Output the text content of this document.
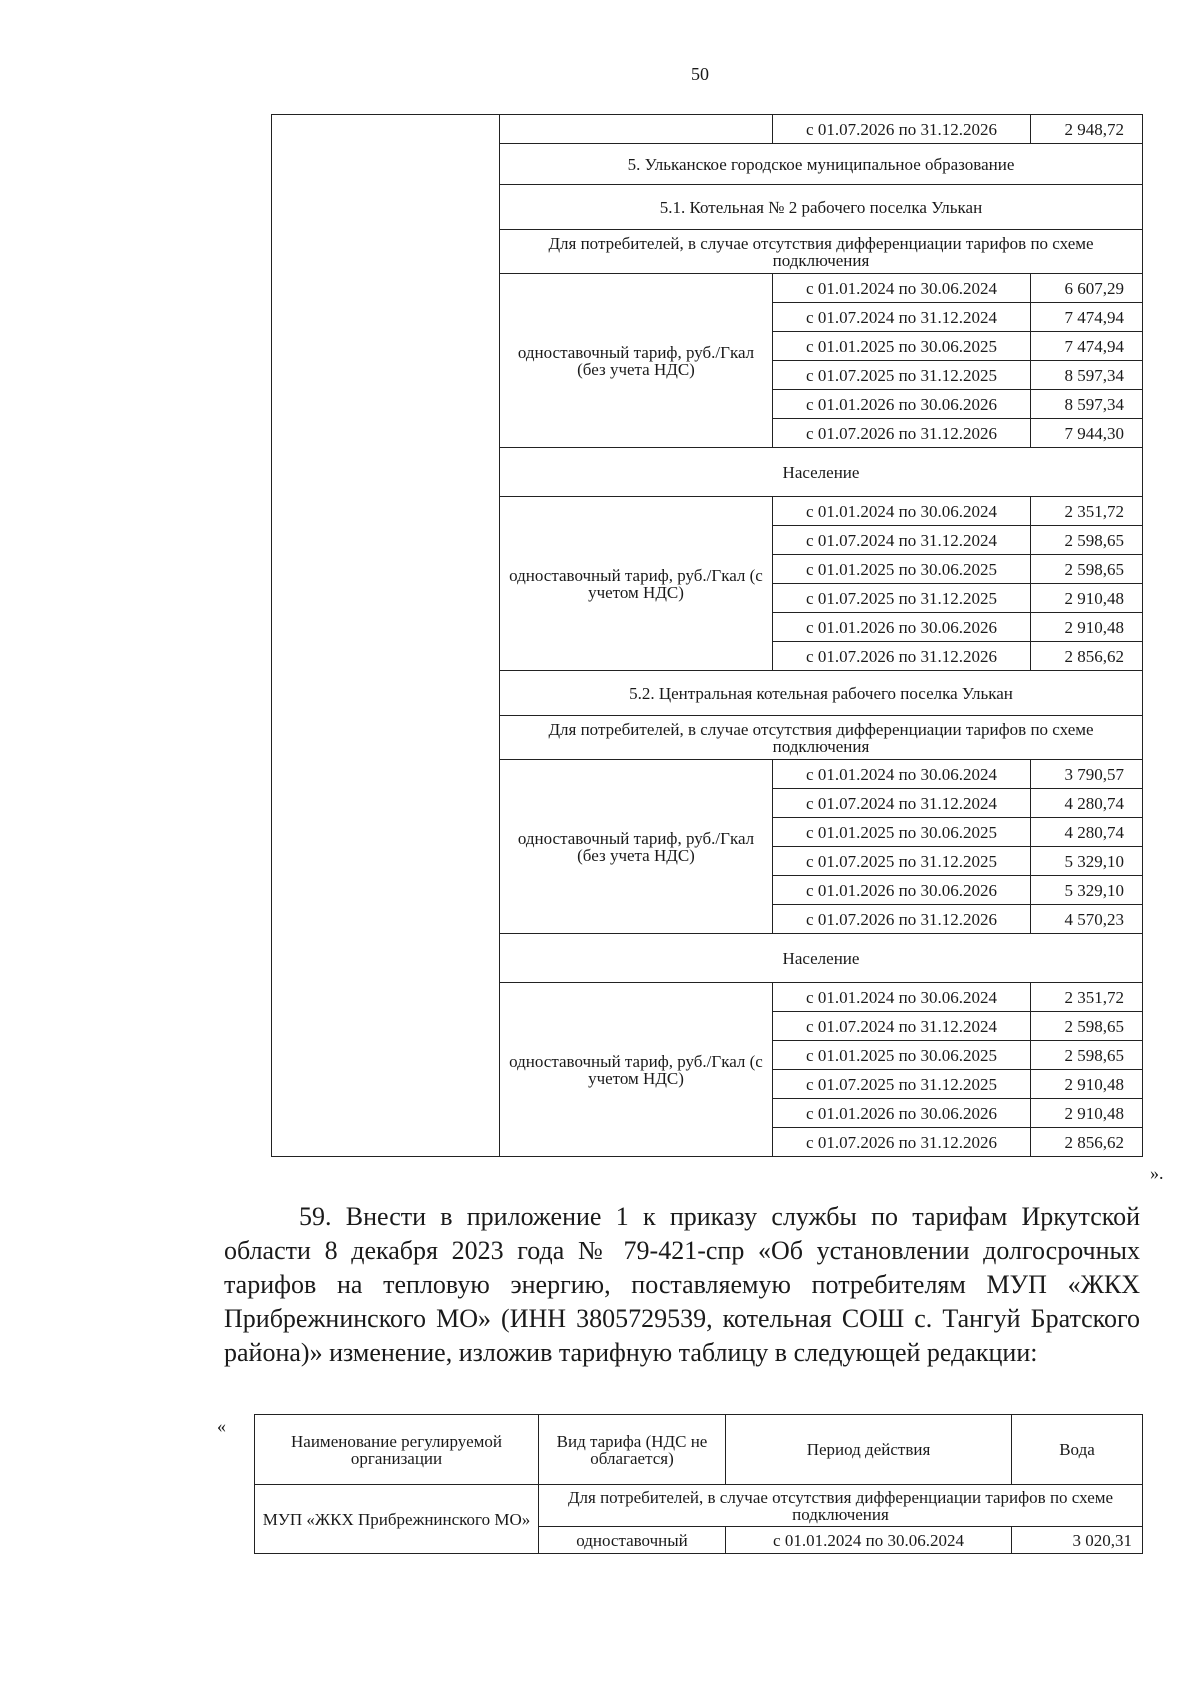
50
		с 01.07.2026 по 31.12.2026	2 948,72
	5. Ульканское городское муниципальное образование		
	5.1. Котельная № 2 рабочего поселка Улькан		
	Для потребителей, в случае отсутствия дифференциации тарифов по схеме подключения		
	одноставочный тариф, руб./Гкал (без учета НДС)	с 01.01.2024 по 30.06.2024	6 607,29
		с 01.07.2024 по 31.12.2024	7 474,94
		с 01.01.2025 по 30.06.2025	7 474,94
		с 01.07.2025 по 31.12.2025	8 597,34
		с 01.01.2026 по 30.06.2026	8 597,34
		с 01.07.2026 по 31.12.2026	7 944,30
	Население		
	одноставочный тариф, руб./Гкал (с учетом НДС)	с 01.01.2024 по 30.06.2024	2 351,72
		с 01.07.2024 по 31.12.2024	2 598,65
		с 01.01.2025 по 30.06.2025	2 598,65
		с 01.07.2025 по 31.12.2025	2 910,48
		с 01.01.2026 по 30.06.2026	2 910,48
		с 01.07.2026 по 31.12.2026	2 856,62
	5.2. Центральная котельная рабочего поселка Улькан		
	Для потребителей, в случае отсутствия дифференциации тарифов по схеме подключения		
	одноставочный тариф, руб./Гкал (без учета НДС)	с 01.01.2024 по 30.06.2024	3 790,57
		с 01.07.2024 по 31.12.2024	4 280,74
		с 01.01.2025 по 30.06.2025	4 280,74
		с 01.07.2025 по 31.12.2025	5 329,10
		с 01.01.2026 по 30.06.2026	5 329,10
		с 01.07.2026 по 31.12.2026	4 570,23
	Население		
	одноставочный тариф, руб./Гкал (с учетом НДС)	с 01.01.2024 по 30.06.2024	2 351,72
		с 01.07.2024 по 31.12.2024	2 598,65
		с 01.01.2025 по 30.06.2025	2 598,65
		с 01.07.2025 по 31.12.2025	2 910,48
		с 01.01.2026 по 30.06.2026	2 910,48
		с 01.07.2026 по 31.12.2026	2 856,62
».
59. Внести в приложение 1 к приказу службы по тарифам Иркутской области 8 декабря 2023 года № 79-421-спр «Об установлении долгосрочных тарифов на тепловую энергию, поставляемую потребителям МУП «ЖКХ Прибрежнинского МО» (ИНН 3805729539, котельная СОШ с. Тангуй Братского района)» изменение, изложив тарифную таблицу в следующей редакции:
«
Наименование регулируемой организации	Вид тарифа (НДС не облагается)	Период действия	Вода
МУП «ЖКХ Прибрежнинского МО»	Для потребителей, в случае отсутствия дифференциации тарифов по схеме подключения		
	одноставочный	с 01.01.2024 по 30.06.2024	3 020,31
